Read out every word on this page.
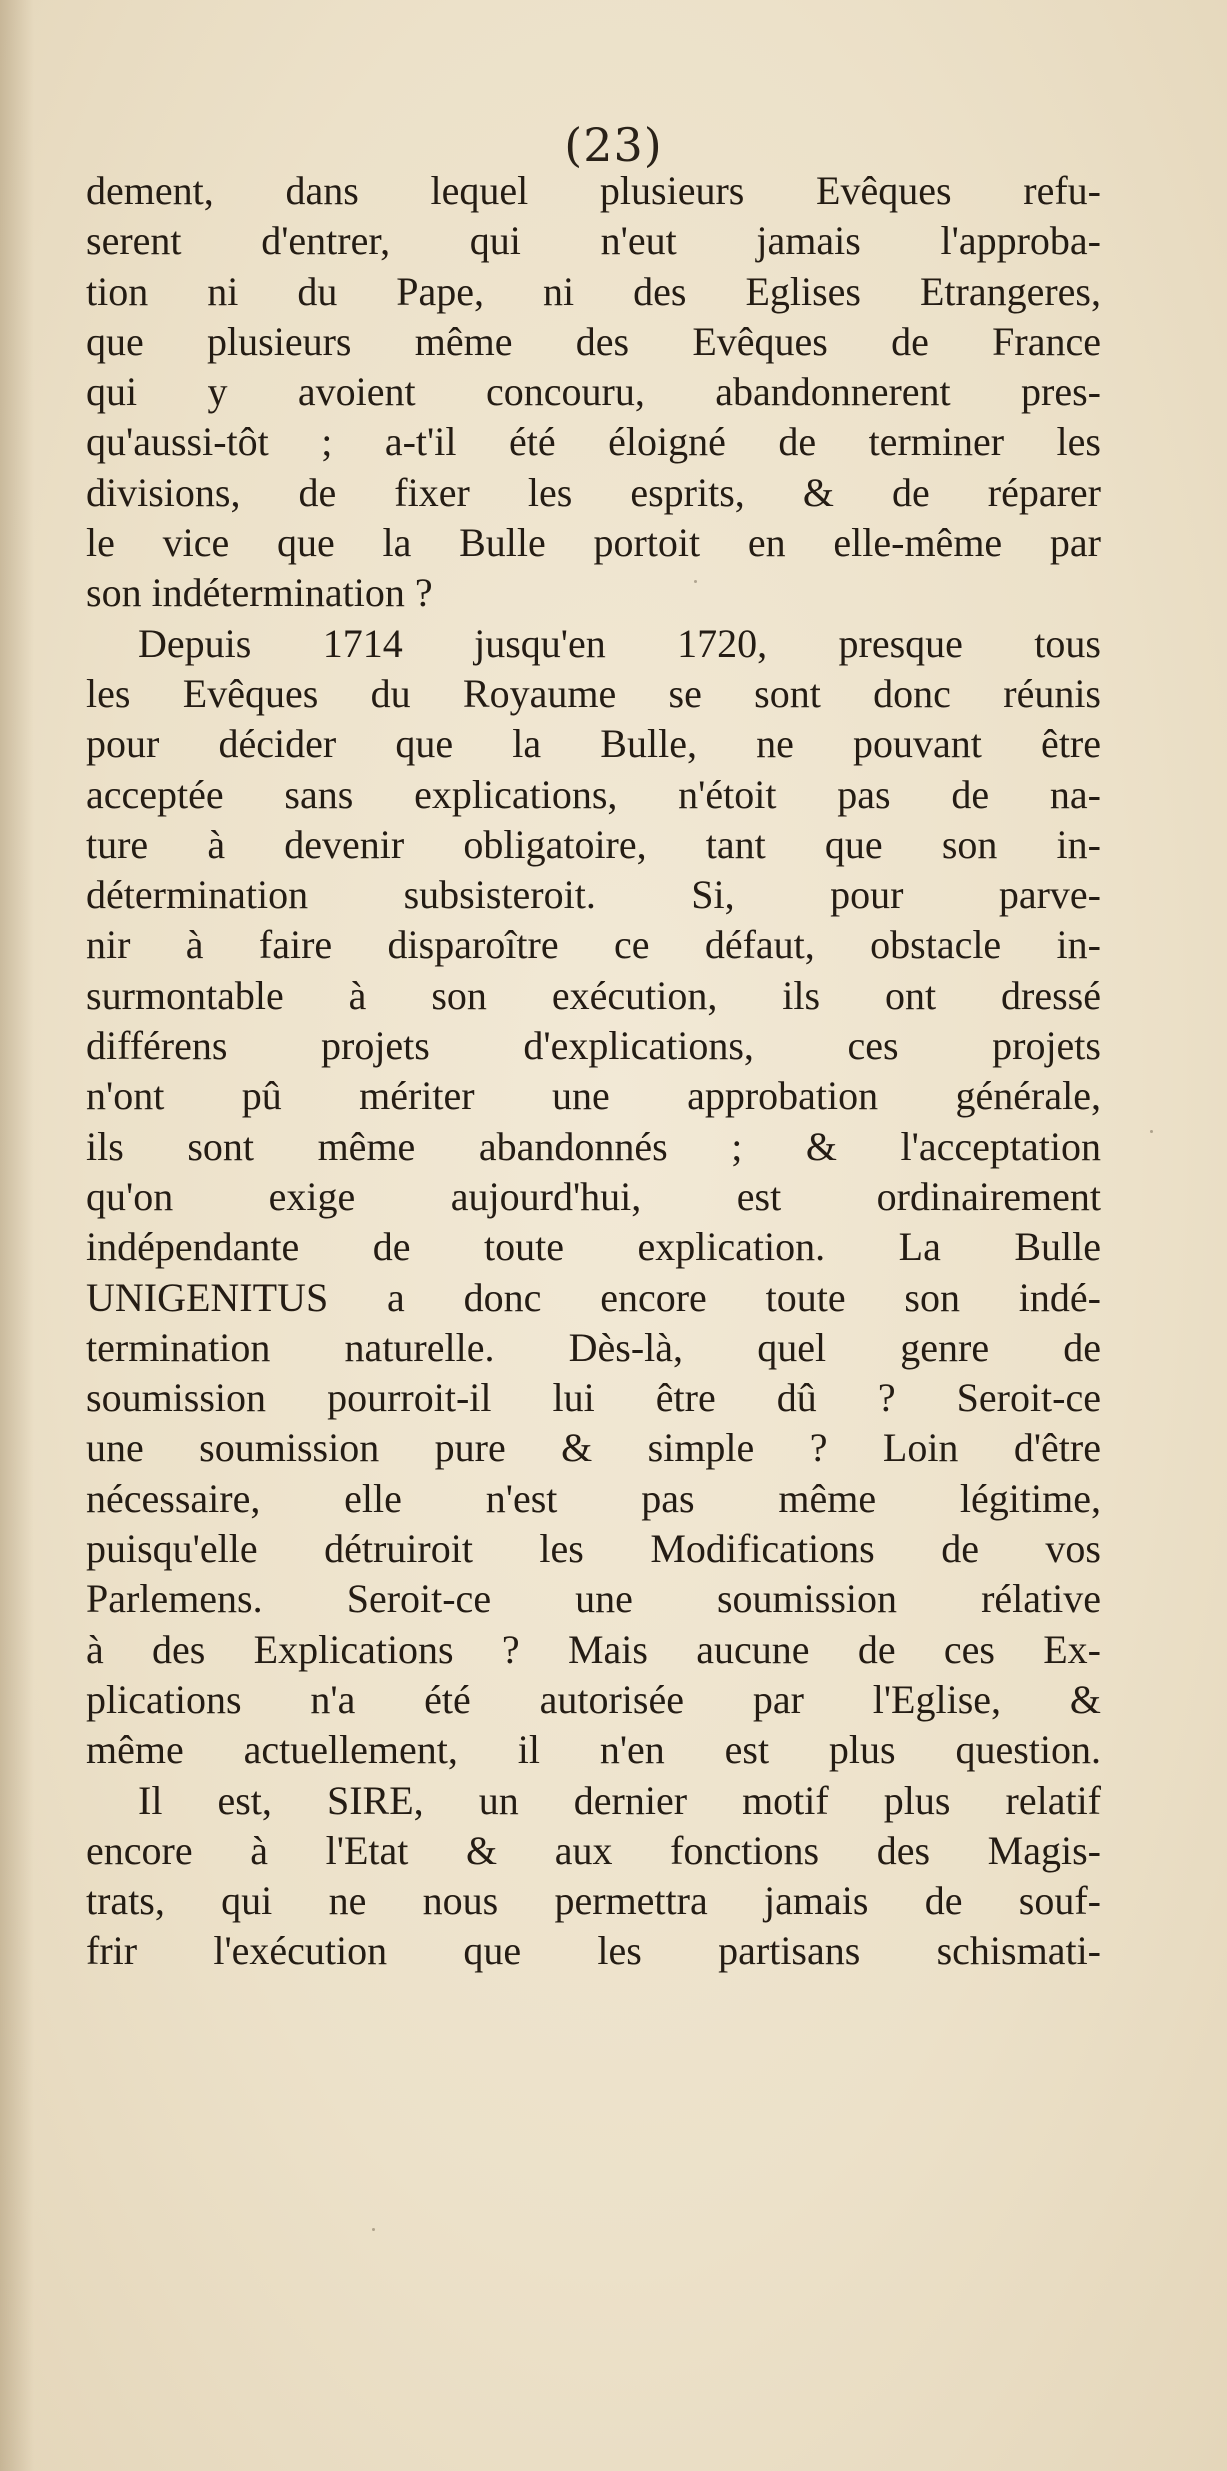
(23)
dement, dans lequel plusieurs Evêques refu-
serent d'entrer, qui n'eut jamais l'approba-
tion ni du Pape, ni des Eglises Etrangeres,
que plusieurs même des Evêques de France
qui y avoient concouru, abandonnerent pres-
qu'aussi-tôt ; a-t'il été éloigné de terminer les
divisions, de fixer les esprits, & de réparer
le vice que la Bulle portoit en elle-même par
son indétermination ?
Depuis 1714 jusqu'en 1720, presque tous
les Evêques du Royaume se sont donc réunis
pour décider que la Bulle, ne pouvant être
acceptée sans explications, n'étoit pas de na-
ture à devenir obligatoire, tant que son in-
détermination subsisteroit. Si, pour parve-
nir à faire disparoître ce défaut, obstacle in-
surmontable à son exécution, ils ont dressé
différens projets d'explications, ces projets
n'ont pû mériter une approbation générale,
ils sont même abandonnés ; & l'acceptation
qu'on exige aujourd'hui, est ordinairement
indépendante de toute explication. La Bulle
UNIGENITUS a donc encore toute son indé-
termination naturelle. Dès-là, quel genre de
soumission pourroit-il lui être dû ? Seroit-ce
une soumission pure & simple ? Loin d'être
nécessaire, elle n'est pas même légitime,
puisqu'elle détruiroit les Modifications de vos
Parlemens. Seroit-ce une soumission rélative
à des Explications ? Mais aucune de ces Ex-
plications n'a été autorisée par l'Eglise, &
même actuellement, il n'en est plus question.
Il est, SIRE, un dernier motif plus relatif
encore à l'Etat & aux fonctions des Magis-
trats, qui ne nous permettra jamais de souf-
frir l'exécution que les partisans schismati-
